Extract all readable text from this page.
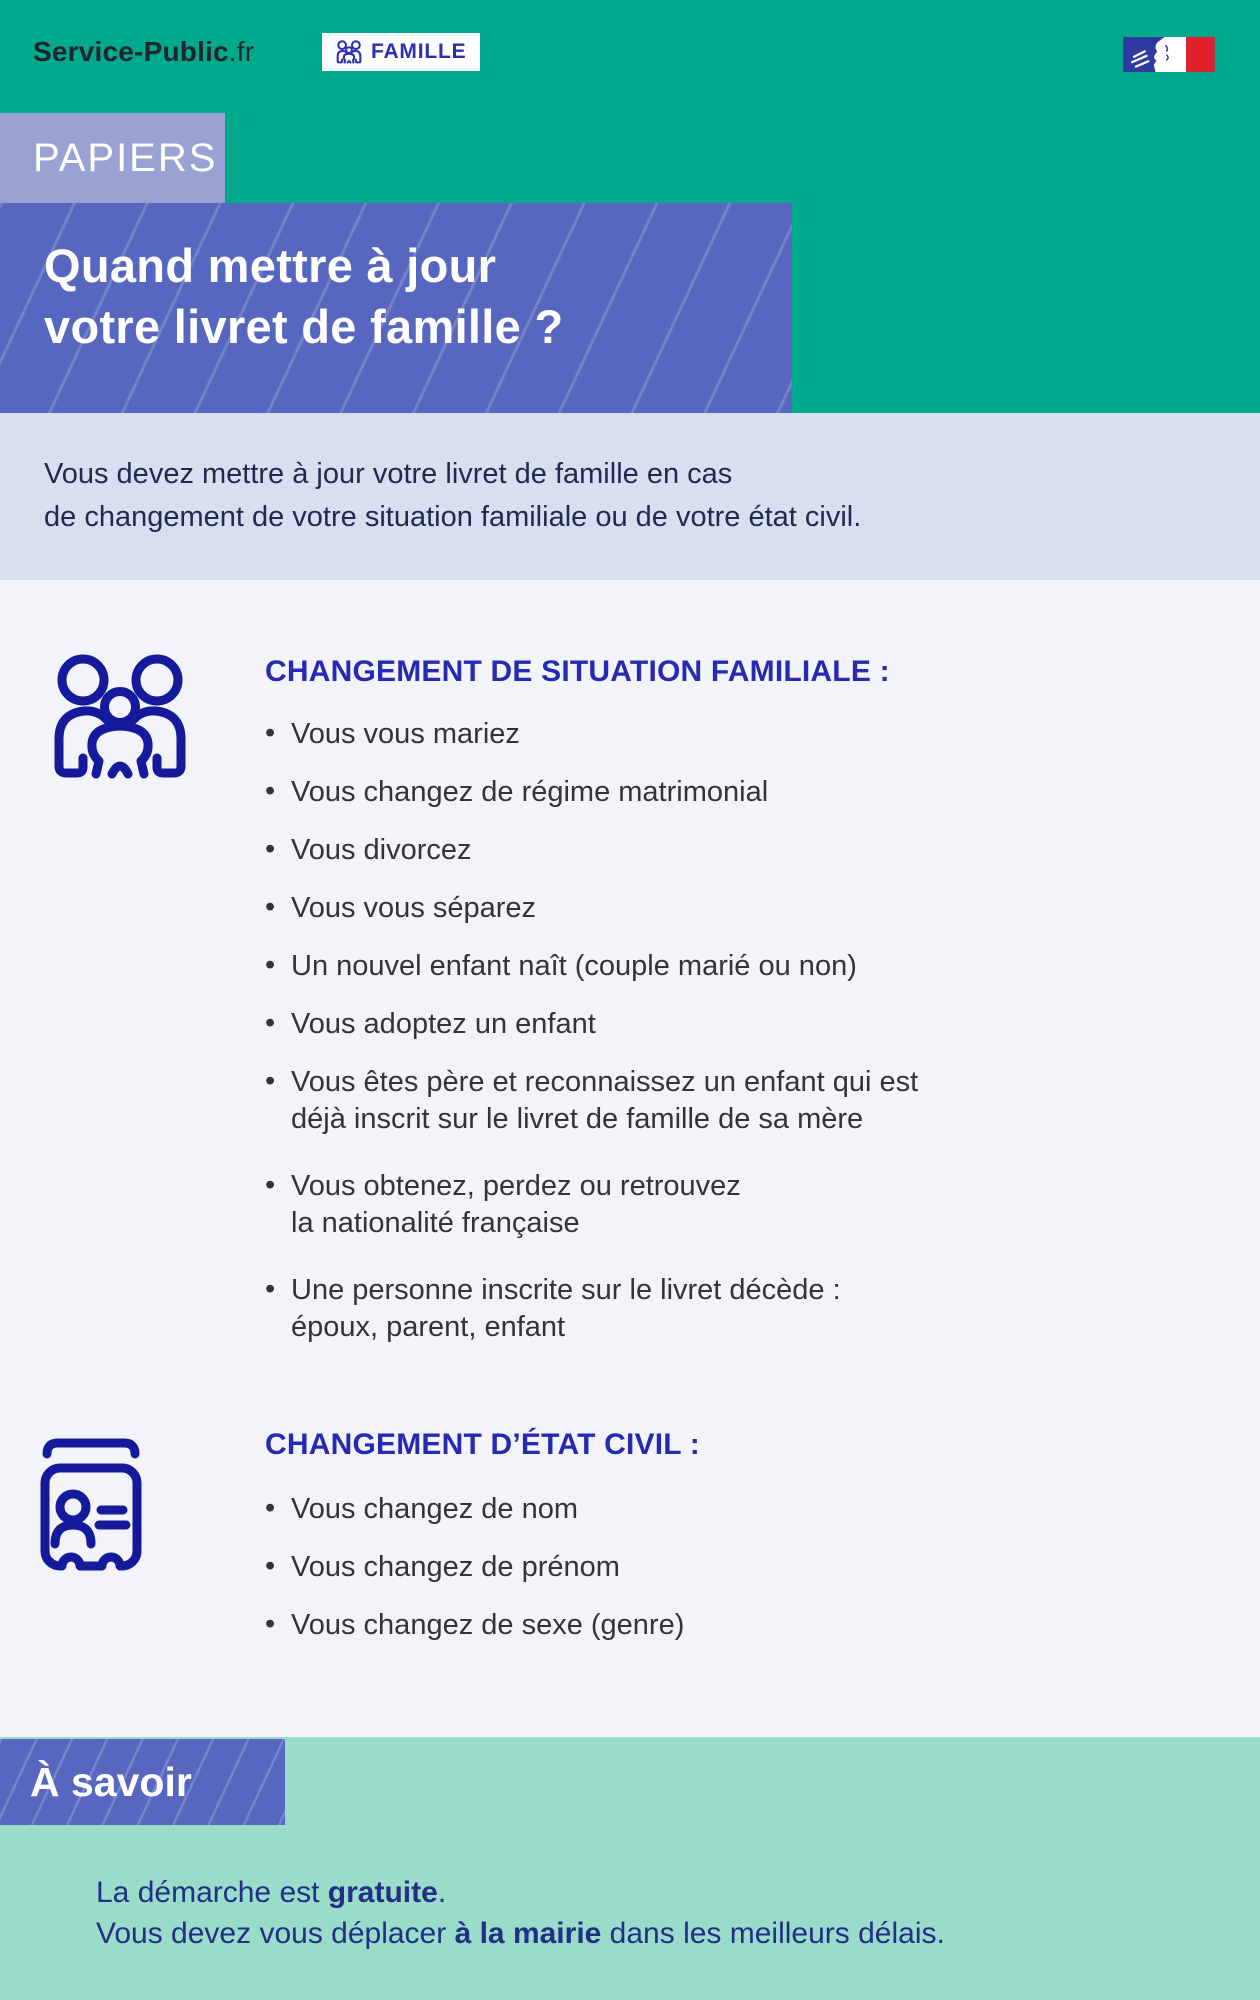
Service-Public.fr	FAMILLE
PAPIERS
Quand mettre à jour
votre livret de famille ?
Vous devez mettre à jour votre livret de famille en cas
de changement de votre situation familiale ou de votre état civil.
CHANGEMENT DE SITUATION FAMILIALE :
• Vous vous mariez
• Vous changez de régime matrimonial
• Vous divorcez
• Vous vous séparez
• Un nouvel enfant naît (couple marié ou non)
• Vous adoptez un enfant
• Vous êtes père et reconnaissez un enfant qui est
déjà inscrit sur le livret de famille de sa mère
• Vous obtenez, perdez ou retrouvez
la nationalité française
• Une personne inscrite sur le livret décède :
époux, parent, enfant
CHANGEMENT D’ÉTAT CIVIL :
• Vous changez de nom
• Vous changez de prénom
• Vous changez de sexe (genre)
À savoir
La démarche est gratuite.
Vous devez vous déplacer à la mairie dans les meilleurs délais.
